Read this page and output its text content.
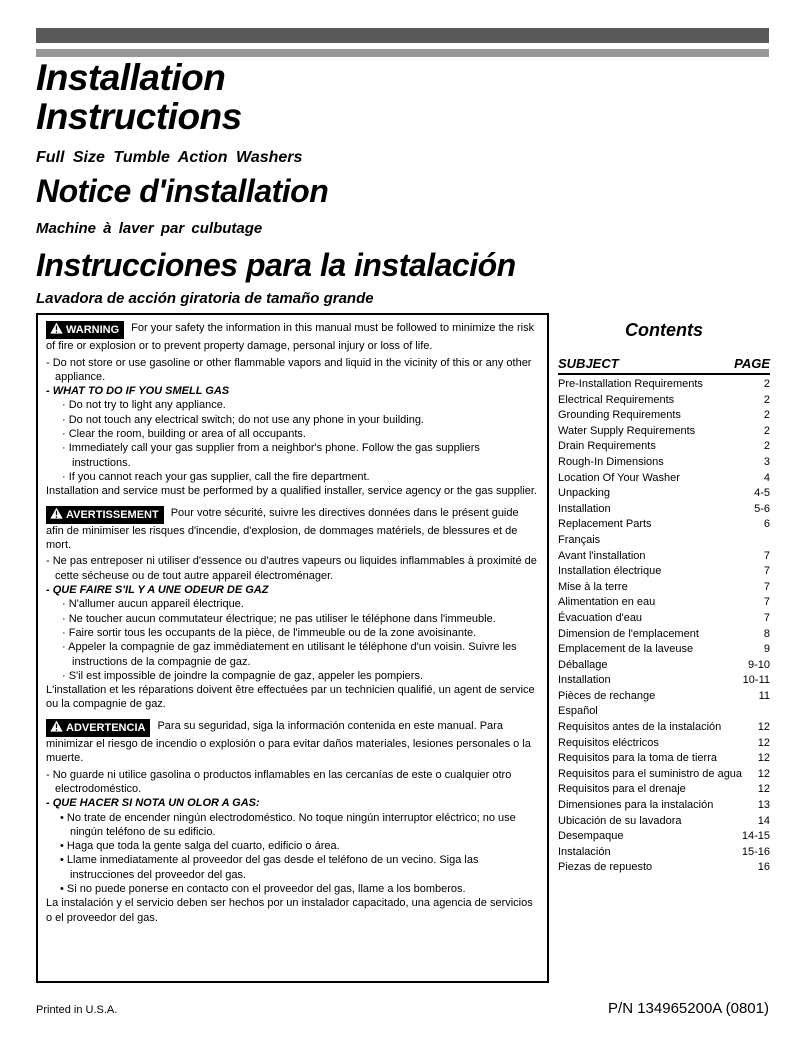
Installation
Instructions
Full Size Tumble Action Washers
Notice d'installation
Machine à laver par culbutage
Instrucciones para la instalación
Lavadora de acción giratoria de tamaño grande

WARNING For your safety the information in this manual must be followed to minimize the risk of fire or explosion or to prevent property damage, personal injury or loss of life.

- Do not store or use gasoline or other flammable vapors and liquid in the vicinity of this or any other appliance.
- WHAT TO DO IF YOU SMELL GAS
· Do not try to light any appliance.
· Do not touch any electrical switch; do not use any phone in your building.
· Clear the room, building or area of all occupants.
· Immediately call your gas supplier from a neighbor's phone. Follow the gas suppliers instructions.
· If you cannot reach your gas supplier, call the fire department.
Installation and service must be performed by a qualified installer, service agency or the gas supplier.

AVERTISSEMENT Pour votre sécurité, suivre les directives données dans le présent guide afin de minimiser les risques d'incendie, d'explosion, de dommages matériels, de blessures et de mort.

- Ne pas entreposer ni utiliser d'essence ou d'autres vapeurs ou liquides inflammables à proximité de cette sécheuse ou de tout autre appareil électroménager.
- QUE FAIRE S'IL Y A UNE ODEUR DE GAZ
· N'allumer aucun appareil électrique.
· Ne toucher aucun commutateur électrique; ne pas utiliser le téléphone dans l'immeuble.
· Faire sortir tous les occupants de la pièce, de l'immeuble ou de la zone avoisinante.
· Appeler la compagnie de gaz immédiatement en utilisant le téléphone d'un voisin. Suivre les instructions de la compagnie de gaz.
· S'il est impossible de joindre la compagnie de gaz, appeler les pompiers.
L'installation et les réparations doivent être effectuées par un technicien qualifié, un agent de service ou la compagnie de gaz.

ADVERTENCIA Para su seguridad, siga la información contenida en este manual. Para minimizar el riesgo de incendio o explosión o para evitar daños materiales, lesiones personales o la muerte.

- No guarde ni utilice gasolina o productos inflamables en las cercanías de este o cualquier otro electrodoméstico.
- QUE HACER SI NOTA UN OLOR A GAS:
• No trate de encender ningún electrodoméstico. No toque ningún interruptor eléctrico; no use ningún teléfono de su edificio.
• Haga que toda la gente salga del cuarto, edificio o área.
• Llame inmediatamente al proveedor del gas desde el teléfono de un vecino. Siga las instrucciones del proveedor del gas.
• Si no puede ponerse en contacto con el proveedor del gas, llame a los bomberos.
La instalación y el servicio deben ser hechos por un instalador capacitado, una agencia de servicios o el proveedor del gas.
Contents
SUBJECT	PAGE
Pre-Installation Requirements	2
Electrical Requirements	2
Grounding Requirements	2
Water Supply Requirements	2
Drain Requirements	2
Rough-In Dimensions	3
Location Of Your Washer	4
Unpacking	4-5
Installation	5-6
Replacement Parts	6
Français
Avant l'installation	7
Installation électrique	7
Mise à la terre	7
Alimentation en eau	7
Évacuation d'eau	7
Dimension de l'emplacement	8
Emplacement de la laveuse	9
Déballage	9-10
Installation	10-11
Pièces de rechange	11
Español
Requisitos antes de la instalación	12
Requisitos eléctricos	12
Requisitos para la toma de tierra	12
Requisitos para el suministro de agua 12
Requisitos para el drenaje	12
Dimensiones para la instalación	13
Ubicación de su lavadora	14
Desempaque	14-15
Instalación	15-16
Piezas de repuesto	16
Printed in U.S.A.	P/N 134965200A (0801)
